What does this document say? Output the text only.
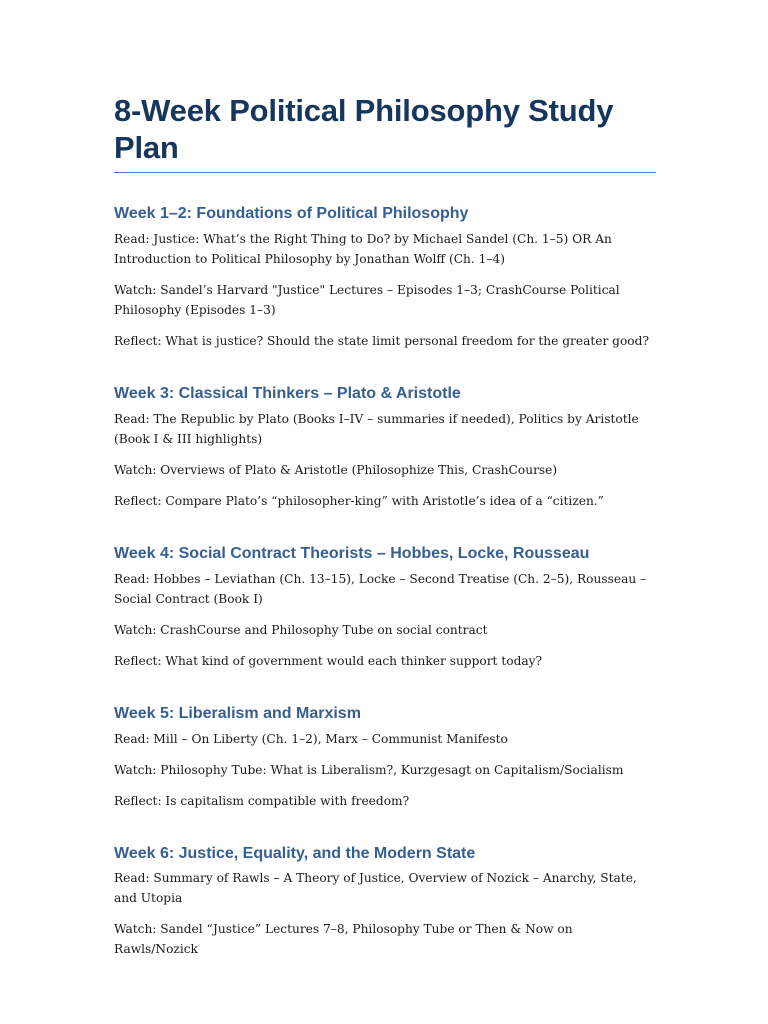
8-Week Political Philosophy Study Plan
Week 1–2: Foundations of Political Philosophy

Read: Justice: What’s the Right Thing to Do? by Michael Sandel (Ch. 1–5) OR An Introduction to Political Philosophy by Jonathan Wolff (Ch. 1–4)

Watch: Sandel’s Harvard "Justice" Lectures – Episodes 1–3; CrashCourse Political Philosophy (Episodes 1–3)

Reflect: What is justice? Should the state limit personal freedom for the greater good?

Week 3: Classical Thinkers – Plato & Aristotle

Read: The Republic by Plato (Books I–IV – summaries if needed), Politics by Aristotle (Book I & III highlights)

Watch: Overviews of Plato & Aristotle (Philosophize This, CrashCourse)

Reflect: Compare Plato’s “philosopher-king” with Aristotle’s idea of a “citizen.”

Week 4: Social Contract Theorists – Hobbes, Locke, Rousseau

Read: Hobbes – Leviathan (Ch. 13–15), Locke – Second Treatise (Ch. 2–5), Rousseau – Social Contract (Book I)

Watch: CrashCourse and Philosophy Tube on social contract

Reflect: What kind of government would each thinker support today?

Week 5: Liberalism and Marxism

Read: Mill – On Liberty (Ch. 1–2), Marx – Communist Manifesto

Watch: Philosophy Tube: What is Liberalism?, Kurzgesagt on Capitalism/Socialism

Reflect: Is capitalism compatible with freedom?

Week 6: Justice, Equality, and the Modern State

Read: Summary of Rawls – A Theory of Justice, Overview of Nozick – Anarchy, State, and Utopia

Watch: Sandel “Justice” Lectures 7–8, Philosophy Tube or Then & Now on Rawls/Nozick
